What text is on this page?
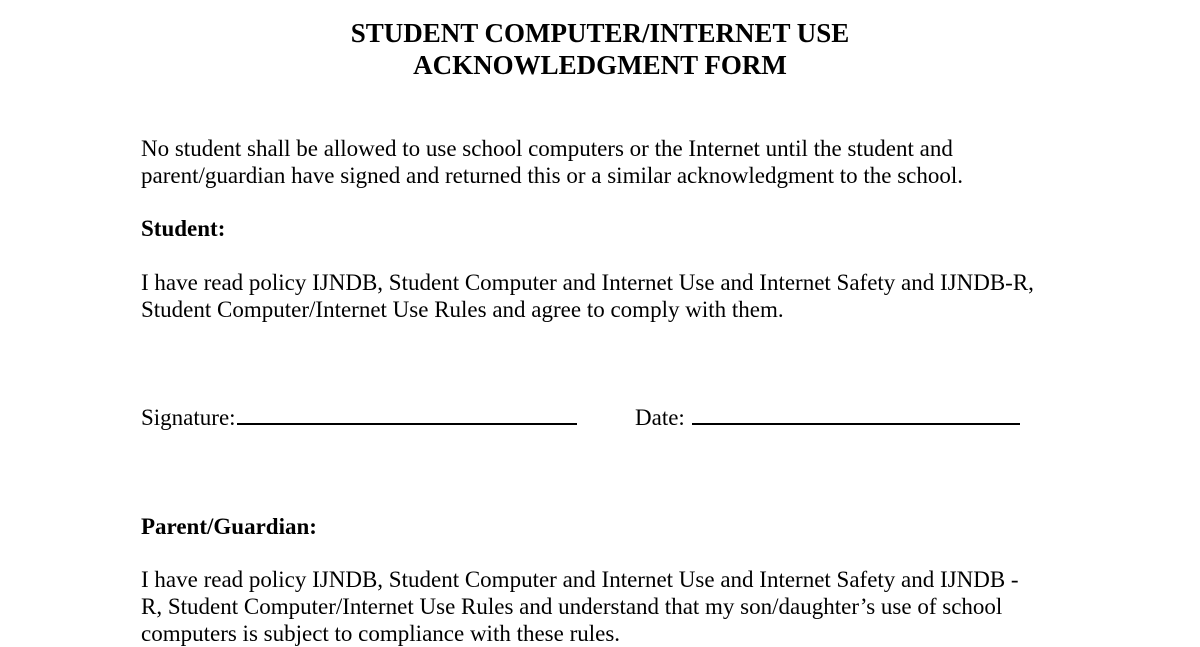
STUDENT COMPUTER/INTERNET USE
ACKNOWLEDGMENT FORM
No student shall be allowed to use school computers or the Internet until the student and
parent/guardian have signed and returned this or a similar acknowledgment to the school.
Student:
I have read policy IJNDB, Student Computer and Internet Use and Internet Safety and IJNDB-R,
Student Computer/Internet Use Rules and agree to comply with them.
Signature:	Date:
Parent/Guardian:
I have read policy IJNDB, Student Computer and Internet Use and Internet Safety and IJNDB -
R, Student Computer/Internet Use Rules and understand that my son/daughter’s use of school
computers is subject to compliance with these rules.
